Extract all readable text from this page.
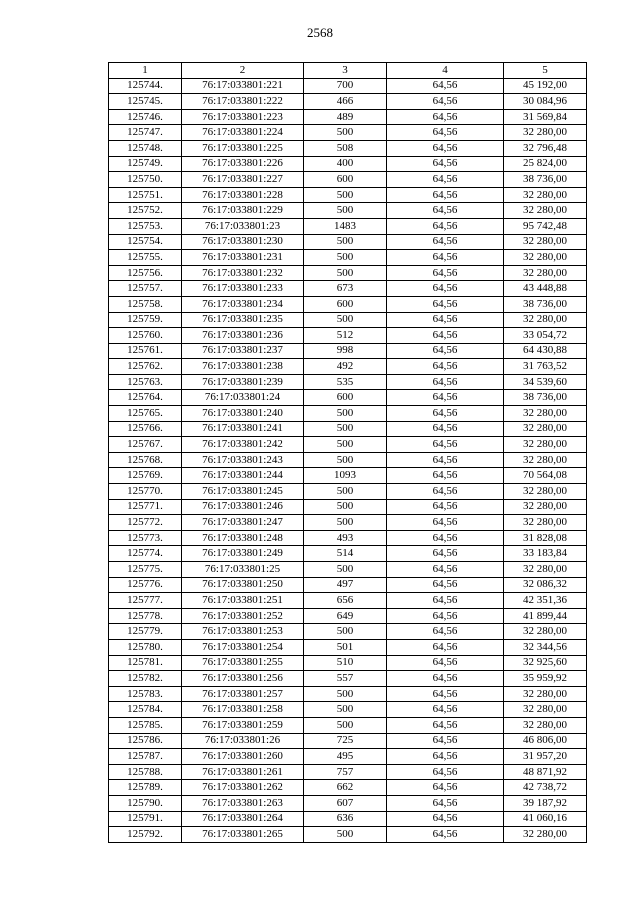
2568
1	2	3	4	5
125744.	76:17:033801:221	700	64,56	45 192,00
125745.	76:17:033801:222	466	64,56	30 084,96
125746.	76:17:033801:223	489	64,56	31 569,84
125747.	76:17:033801:224	500	64,56	32 280,00
125748.	76:17:033801:225	508	64,56	32 796,48
125749.	76:17:033801:226	400	64,56	25 824,00
125750.	76:17:033801:227	600	64,56	38 736,00
125751.	76:17:033801:228	500	64,56	32 280,00
125752.	76:17:033801:229	500	64,56	32 280,00
125753.	76:17:033801:23	1483	64,56	95 742,48
125754.	76:17:033801:230	500	64,56	32 280,00
125755.	76:17:033801:231	500	64,56	32 280,00
125756.	76:17:033801:232	500	64,56	32 280,00
125757.	76:17:033801:233	673	64,56	43 448,88
125758.	76:17:033801:234	600	64,56	38 736,00
125759.	76:17:033801:235	500	64,56	32 280,00
125760.	76:17:033801:236	512	64,56	33 054,72
125761.	76:17:033801:237	998	64,56	64 430,88
125762.	76:17:033801:238	492	64,56	31 763,52
125763.	76:17:033801:239	535	64,56	34 539,60
125764.	76:17:033801:24	600	64,56	38 736,00
125765.	76:17:033801:240	500	64,56	32 280,00
125766.	76:17:033801:241	500	64,56	32 280,00
125767.	76:17:033801:242	500	64,56	32 280,00
125768.	76:17:033801:243	500	64,56	32 280,00
125769.	76:17:033801:244	1093	64,56	70 564,08
125770.	76:17:033801:245	500	64,56	32 280,00
125771.	76:17:033801:246	500	64,56	32 280,00
125772.	76:17:033801:247	500	64,56	32 280,00
125773.	76:17:033801:248	493	64,56	31 828,08
125774.	76:17:033801:249	514	64,56	33 183,84
125775.	76:17:033801:25	500	64,56	32 280,00
125776.	76:17:033801:250	497	64,56	32 086,32
125777.	76:17:033801:251	656	64,56	42 351,36
125778.	76:17:033801:252	649	64,56	41 899,44
125779.	76:17:033801:253	500	64,56	32 280,00
125780.	76:17:033801:254	501	64,56	32 344,56
125781.	76:17:033801:255	510	64,56	32 925,60
125782.	76:17:033801:256	557	64,56	35 959,92
125783.	76:17:033801:257	500	64,56	32 280,00
125784.	76:17:033801:258	500	64,56	32 280,00
125785.	76:17:033801:259	500	64,56	32 280,00
125786.	76:17:033801:26	725	64,56	46 806,00
125787.	76:17:033801:260	495	64,56	31 957,20
125788.	76:17:033801:261	757	64,56	48 871,92
125789.	76:17:033801:262	662	64,56	42 738,72
125790.	76:17:033801:263	607	64,56	39 187,92
125791.	76:17:033801:264	636	64,56	41 060,16
125792.	76:17:033801:265	500	64,56	32 280,00
